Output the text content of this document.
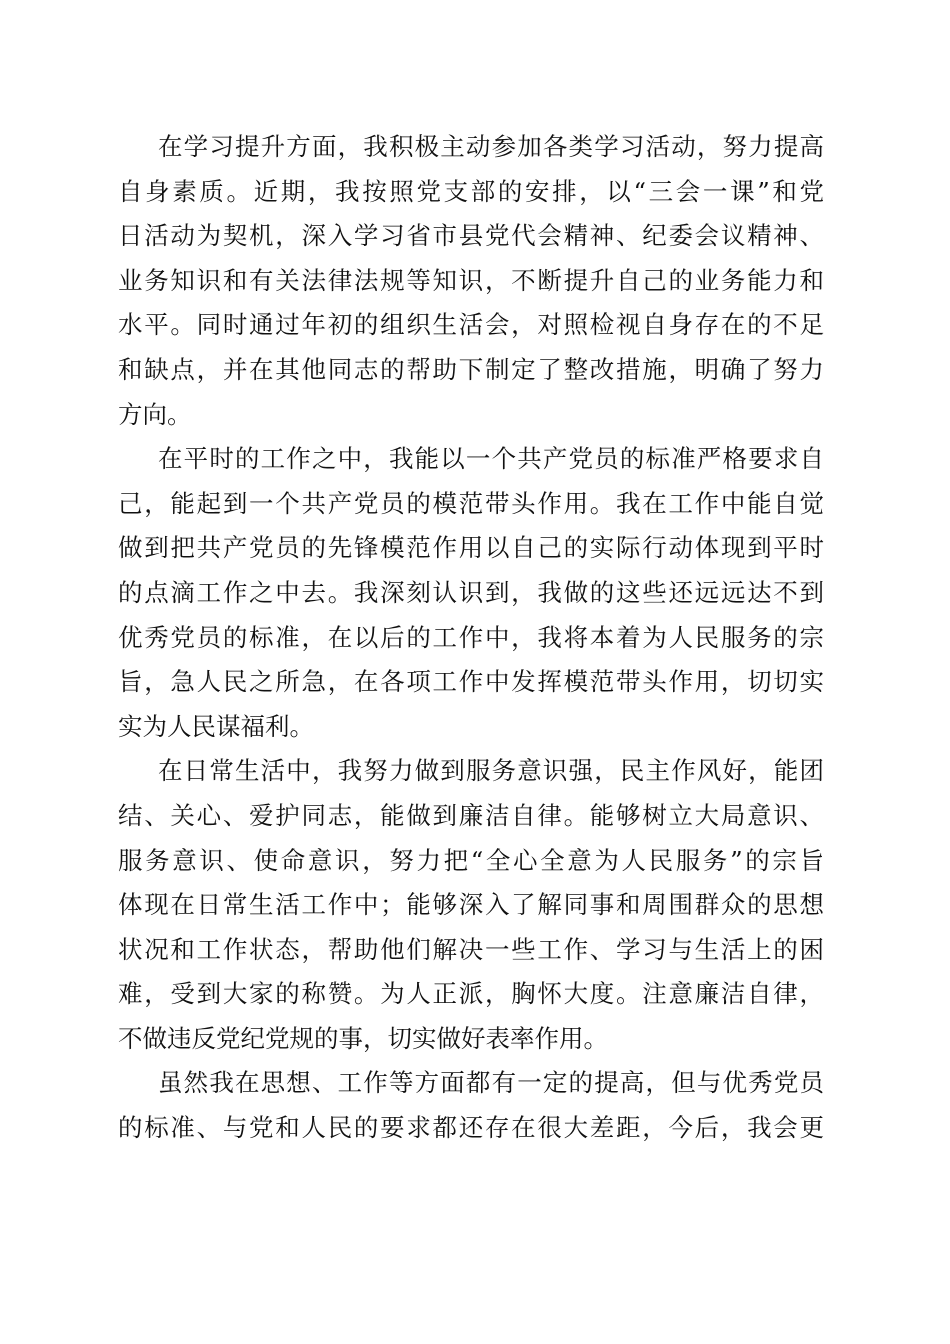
在学习提升方面，我积极主动参加各类学习活动，努力提高
自身素质。近期，我按照党支部的安排，以“三会一课”和党
日活动为契机，深入学习省市县党代会精神、纪委会议精神、
业务知识和有关法律法规等知识，不断提升自己的业务能力和
水平。同时通过年初的组织生活会，对照检视自身存在的不足
和缺点，并在其他同志的帮助下制定了整改措施，明确了努力
方向。
在平时的工作之中，我能以一个共产党员的标准严格要求自
己，能起到一个共产党员的模范带头作用。我在工作中能自觉
做到把共产党员的先锋模范作用以自己的实际行动体现到平时
的点滴工作之中去。我深刻认识到，我做的这些还远远达不到
优秀党员的标准，在以后的工作中，我将本着为人民服务的宗
旨，急人民之所急，在各项工作中发挥模范带头作用，切切实
实为人民谋福利。
在日常生活中，我努力做到服务意识强，民主作风好，能团
结、关心、爱护同志，能做到廉洁自律。能够树立大局意识、
服务意识、使命意识，努力把“全心全意为人民服务”的宗旨
体现在日常生活工作中；能够深入了解同事和周围群众的思想
状况和工作状态，帮助他们解决一些工作、学习与生活上的困
难，受到大家的称赞。为人正派，胸怀大度。注意廉洁自律，
不做违反党纪党规的事，切实做好表率作用。
虽然我在思想、工作等方面都有一定的提高，但与优秀党员
的标准、与党和人民的要求都还存在很大差距，今后，我会更
